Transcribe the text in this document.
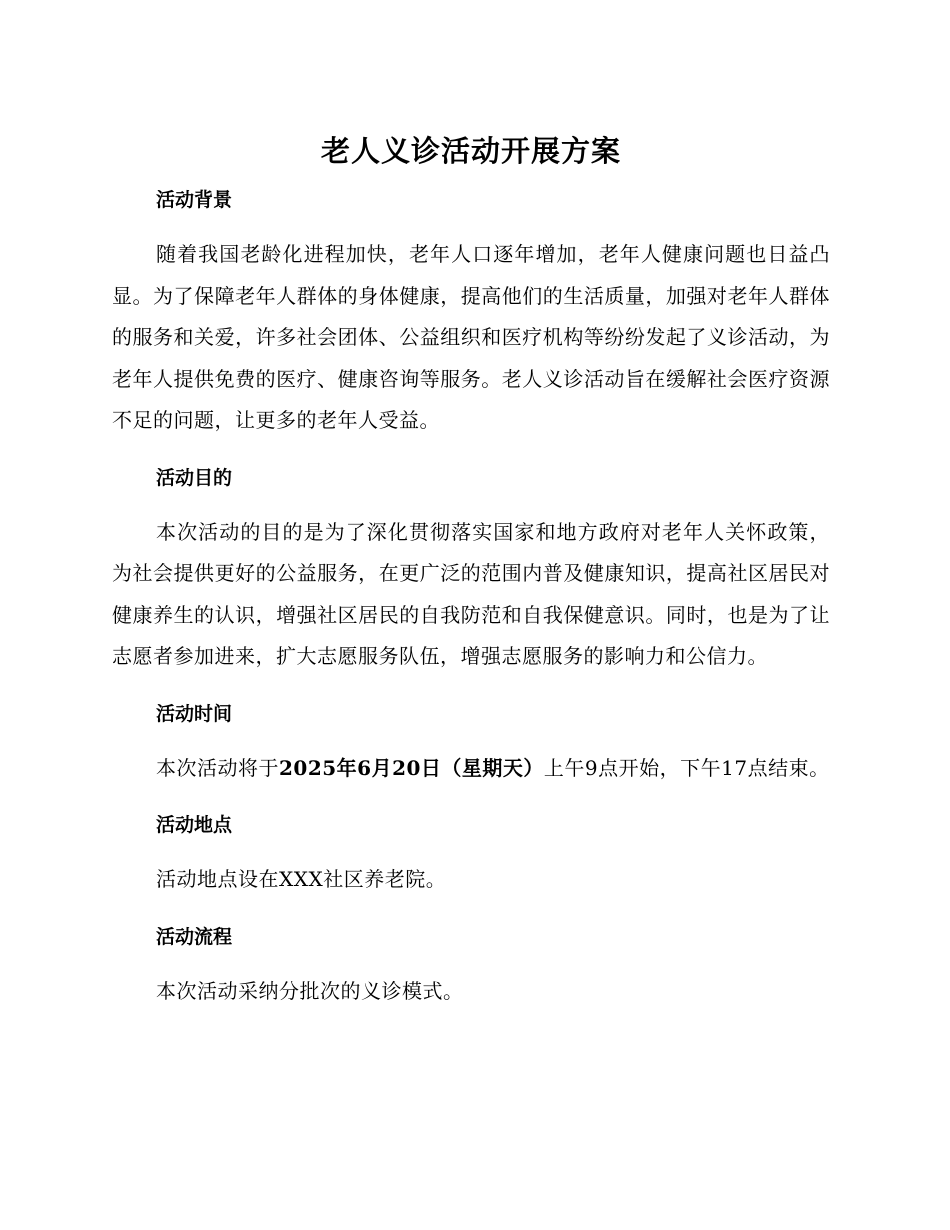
老人义诊活动开展方案
活动背景

随着我国老龄化进程加快，老年人口逐年增加，老年人健康问题也日益凸显。为了保障老年人群体的身体健康，提高他们的生活质量，加强对老年人群体的服务和关爱，许多社会团体、公益组织和医疗机构等纷纷发起了义诊活动，为老年人提供免费的医疗、健康咨询等服务。老人义诊活动旨在缓解社会医疗资源不足的问题，让更多的老年人受益。

活动目的

本次活动的目的是为了深化贯彻落实国家和地方政府对老年人关怀政策，为社会提供更好的公益服务，在更广泛的范围内普及健康知识，提高社区居民对健康养生的认识，增强社区居民的自我防范和自我保健意识。同时，也是为了让志愿者参加进来，扩大志愿服务队伍，增强志愿服务的影响力和公信力。

活动时间

本次活动将于2025年6月20日（星期天）上午9点开始，下午17点结束。

活动地点

活动地点设在XXX社区养老院。

活动流程

本次活动采纳分批次的义诊模式。
